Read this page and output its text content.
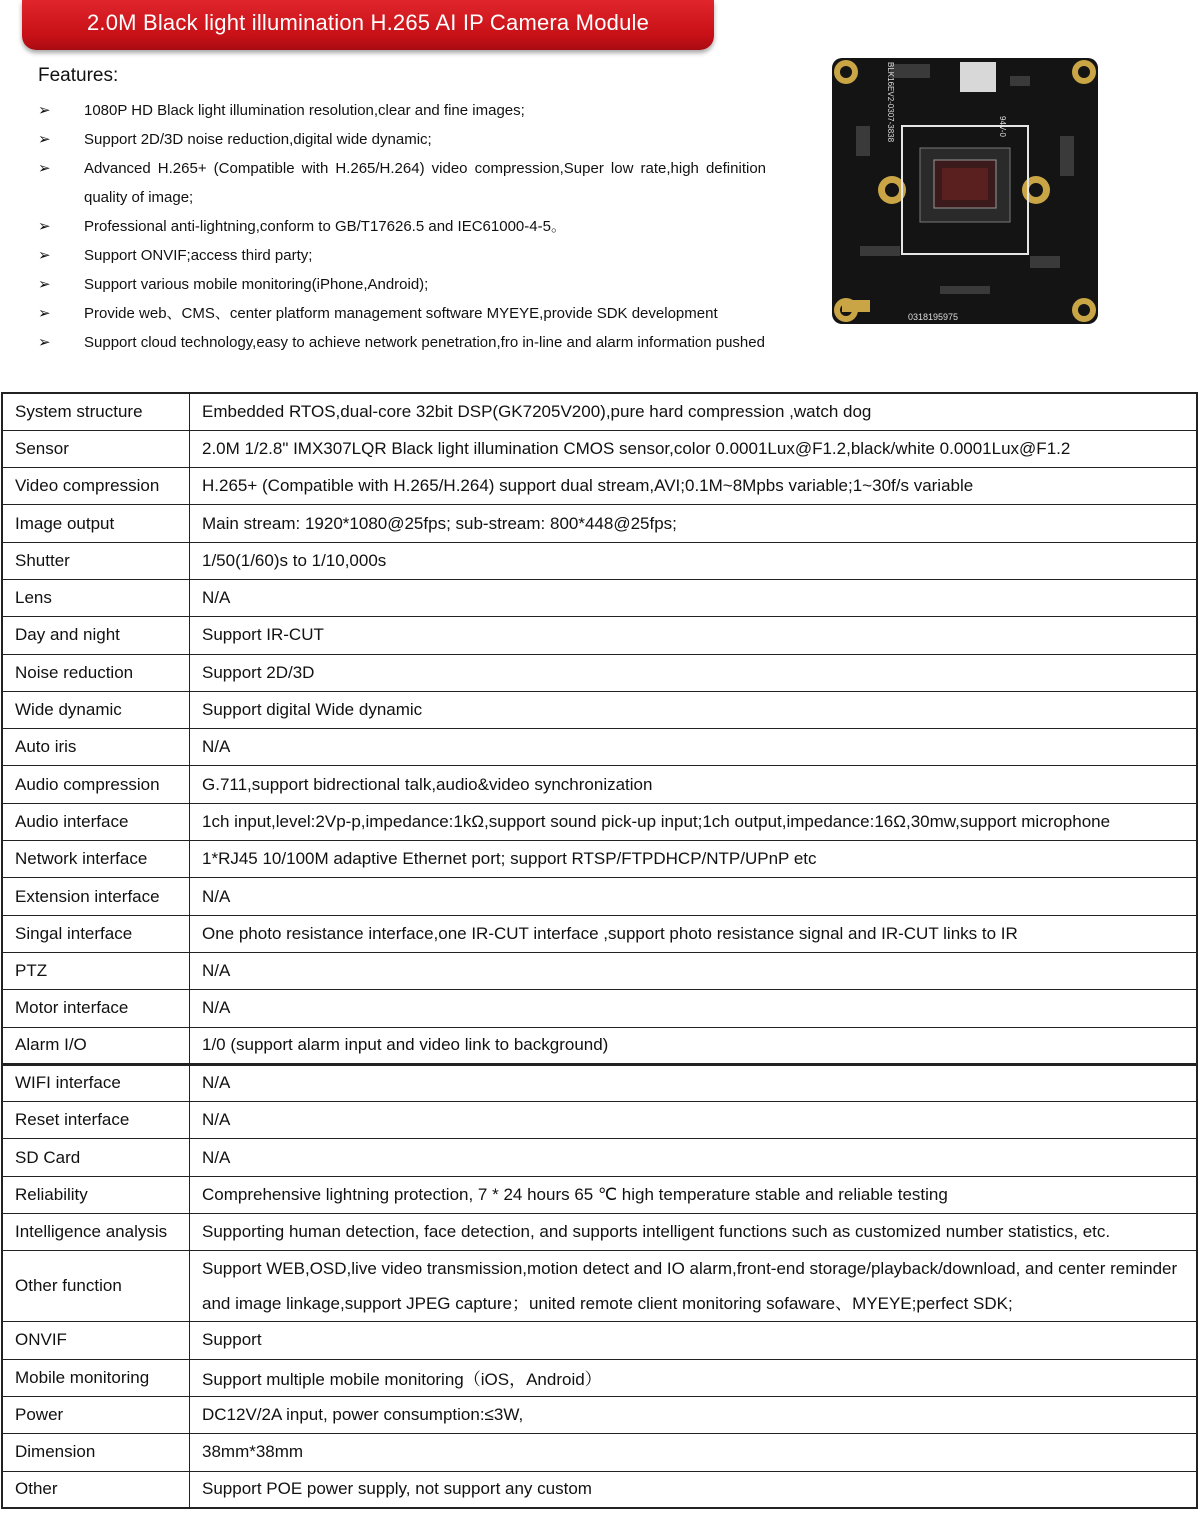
2.0M Black light illumination H.265 AI IP Camera Module
Features:
➢ 1080P HD Black light illumination resolution,clear and fine images;
➢ Support 2D/3D noise reduction,digital wide dynamic;
➢ Advanced H.265+ (Compatible with H.265/H.264) video compression,Super low rate,high definition quality of image;
➢ Professional anti-lightning,conform to GB/T17626.5 and IEC61000-4-5。
➢ Support ONVIF;access third party;
➢ Support various mobile monitoring(iPhone,Android);
➢ Provide web、CMS、center platform management software MYEYE,provide SDK development
➢ Support cloud technology,easy to achieve network penetration,fro in-line and alarm information pushed
94V-0
BLK16EV2-0307-3838
0318195975
System structure	Embedded RTOS,dual-core 32bit DSP(GK7205V200),pure hard compression ,watch dog
Sensor	2.0M 1/2.8" IMX307LQR Black light illumination CMOS sensor,color 0.0001Lux@F1.2,black/white 0.0001Lux@F1.2
Video compression	H.265+ (Compatible with H.265/H.264) support dual stream,AVI;0.1M~8Mpbs variable;1~30f/s variable
Image output	Main stream: 1920*1080@25fps; sub-stream: 800*448@25fps;
Shutter	1/50(1/60)s to 1/10,000s
Lens	N/A
Day and night	Support IR-CUT
Noise reduction	Support 2D/3D
Wide dynamic	Support digital Wide dynamic
Auto iris	N/A
Audio compression	G.711,support bidrectional talk,audio&video synchronization
Audio interface	1ch input,level:2Vp-p,impedance:1kΩ,support sound pick-up input;1ch output,impedance:16Ω,30mw,support microphone
Network interface	1*RJ45 10/100M adaptive Ethernet port; support RTSP/FTPDHCP/NTP/UPnP etc
Extension interface	N/A
Singal interface	One photo resistance interface,one IR-CUT interface ,support photo resistance signal and IR-CUT links to IR
PTZ	N/A
Motor interface	N/A
Alarm I/O	1/0 (support alarm input and video link to background)
WIFI interface	N/A
Reset interface	N/A
SD Card	N/A
Reliability	Comprehensive lightning protection, 7 * 24 hours 65 ℃ high temperature stable and reliable testing
Intelligence analysis	Supporting human detection, face detection, and supports intelligent functions such as customized number statistics, etc.
Other function	Support WEB,OSD,live video transmission,motion detect and IO alarm,front-end storage/playback/download, and center reminder and image linkage,support JPEG capture；united remote client monitoring sofaware、MYEYE;perfect SDK;
ONVIF	Support
Mobile monitoring	Support multiple mobile monitoring（iOS，Android）
Power	DC12V/2A input, power consumption:≤3W,
Dimension	38mm*38mm
Other	Support POE power supply, not support any custom
